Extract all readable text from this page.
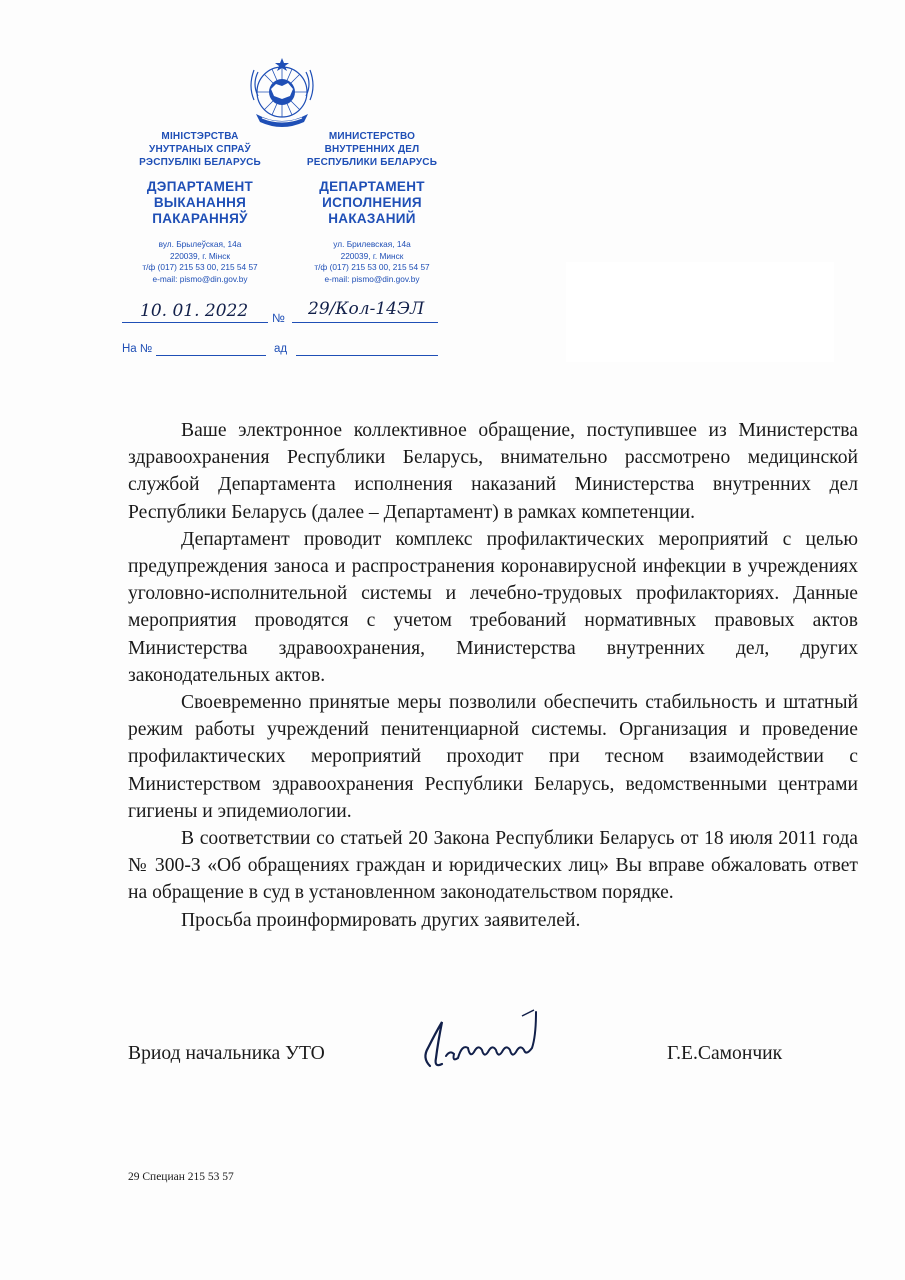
МІНІСТЭРСТВА
УНУТРАНЫХ СПРАЎ
РЭСПУБЛІКІ БЕЛАРУСЬ
ДЭПАРТАМЕНТ
ВЫКАНАННЯ
ПАКАРАННЯЎ
вул. Брылеўская, 14а
220039, г. Мінск
т/ф (017) 215 53 00, 215 54 57
e-mail: pismo@din.gov.by
МИНИСТЕРСТВО
ВНУТРЕННИХ ДЕЛ
РЕСПУБЛИКИ БЕЛАРУСЬ
ДЕПАРТАМЕНТ
ИСПОЛНЕНИЯ
НАКАЗАНИЙ
ул. Брилевская, 14а
220039, г. Минск
т/ф (017) 215 53 00, 215 54 57
e-mail: pismo@din.gov.by
10. 01. 2022 № 29/Кол-14ЭЛ
На №	ад

Ваше электронное коллективное обращение, поступившее из Министерства здравоохранения Республики Беларусь, внимательно рассмотрено медицинской службой Департамента исполнения наказаний Министерства внутренних дел Республики Беларусь (далее – Департамент) в рамках компетенции.

Департамент проводит комплекс профилактических мероприятий с целью предупреждения заноса и распространения коронавирусной инфекции в учреждениях уголовно-исполнительной системы и лечебно-трудовых профилакториях. Данные мероприятия проводятся с учетом требований нормативных правовых актов Министерства здравоохранения, Министерства внутренних дел, других законодательных актов.

Своевременно принятые меры позволили обеспечить стабильность и штатный режим работы учреждений пенитенциарной системы. Организация и проведение профилактических мероприятий проходит при тесном взаимодействии с Министерством здравоохранения Республики Беларусь, ведомственными центрами гигиены и эпидемиологии.

В соответствии со статьей 20 Закона Республики Беларусь от 18 июля 2011 года № 300-З «Об обращениях граждан и юридических лиц» Вы вправе обжаловать ответ на обращение в суд в установленном законодательством порядке.

Просьба проинформировать других заявителей.

Вриод начальника УТО	Г.Е.Самончик
29 Специан 215 53 57
